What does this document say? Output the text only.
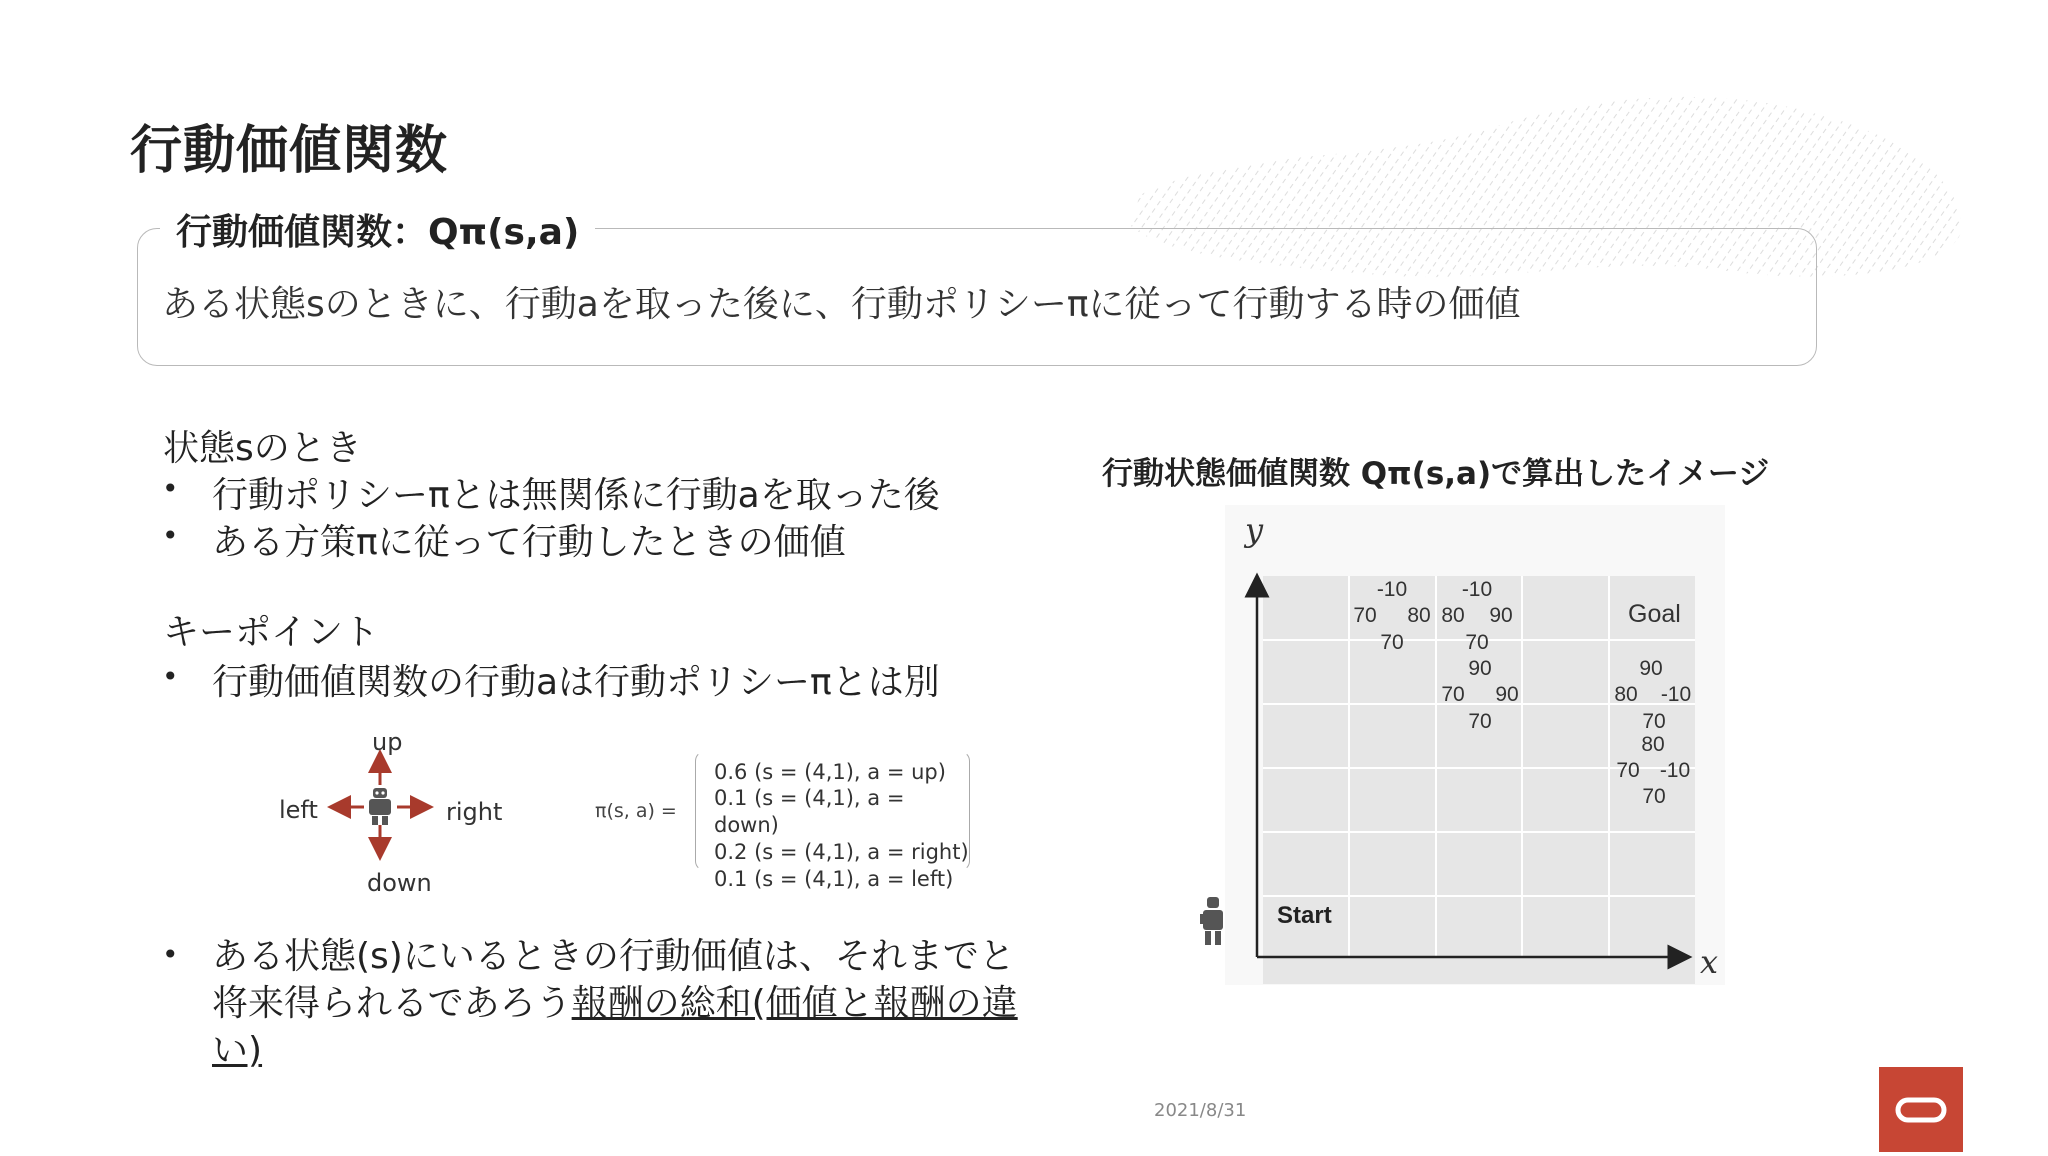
行動価値関数
行動価値関数：Qπ(s,a)
ある状態sのときに、行動aを取った後に、行動ポリシーπに従って行動する時の価値
状態sのとき
• 行動ポリシーπとは無関係に行動aを取った後
• ある方策πに従って行動したときの価値
キーポイント
• 行動価値関数の行動aは行動ポリシーπとは別
up
down
left	right	π(s, a) =
0.6 (s = (4,1), a = up)
0.1 (s = (4,1), a =
down)
0.2 (s = (4,1), a = right)
0.1 (s = (4,1), a = left)
• ある状態(s)にいるときの行動価値は、それまでと
将来得られるであろう報酬の総和(価値と報酬の違
い)
行動状態価値関数 Qπ(s,a)で算出したイメージ
y
x
Start
Goal
-10
70 80
70
-10
80 90
70
90
70 90
70
90
80 -10
70
80
70 -10
70
2021/8/31
